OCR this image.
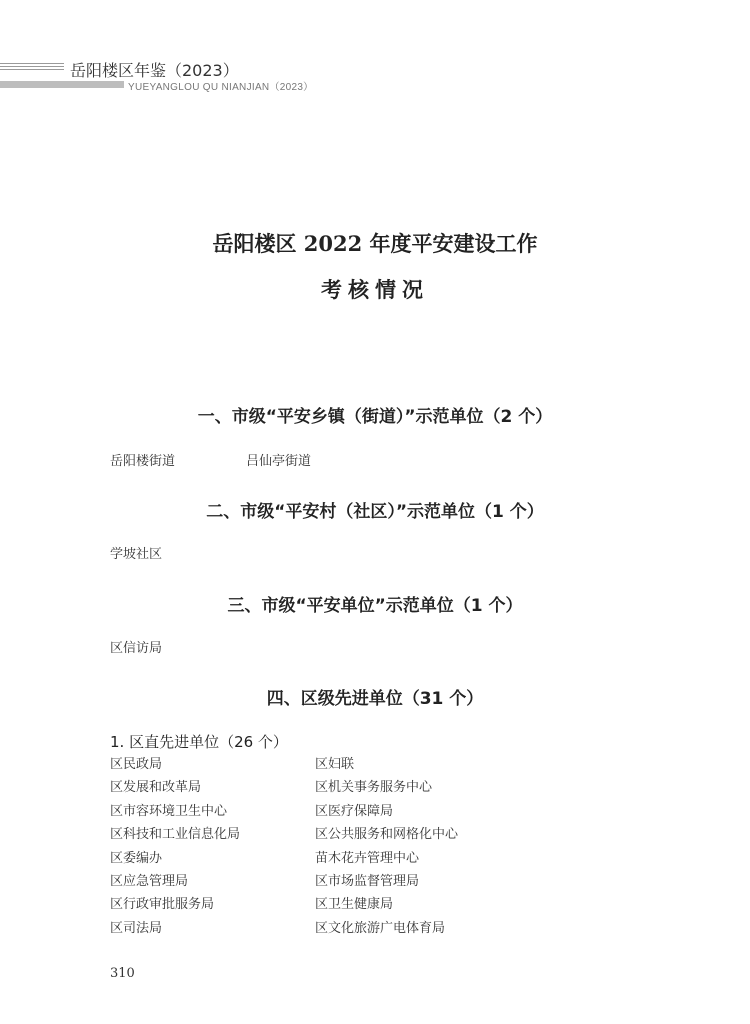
岳阳楼区年鉴（2023）
YUEYANGLOU QU NIANJIAN（2023）
岳阳楼区 2022 年度平安建设工作
考核情况
一、市级“平安乡镇（街道）”示范单位（2 个）
岳阳楼街道	吕仙亭街道
二、市级“平安村（社区）”示范单位（1 个）
学坡社区
三、市级“平安单位”示范单位（1 个）
区信访局
四、区级先进单位（31 个）
1. 区直先进单位（26 个）
区民政局
区发展和改革局
区市容环境卫生中心
区科技和工业信息化局
区委编办
区应急管理局
区行政审批服务局
区司法局
区妇联
区机关事务服务中心
区医疗保障局
区公共服务和网格化中心
苗木花卉管理中心
区市场监督管理局
区卫生健康局
区文化旅游广电体育局
310
